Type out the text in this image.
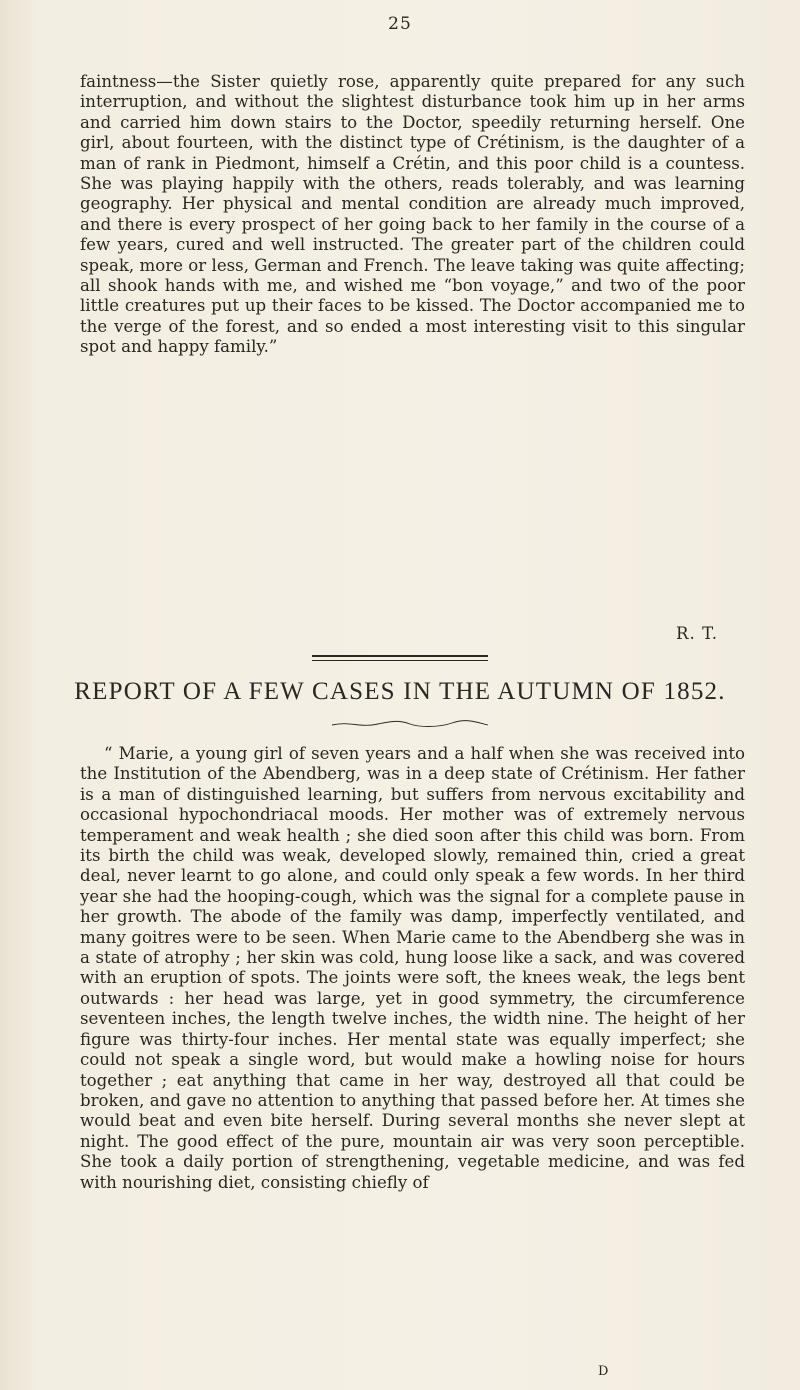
25
faintness—the Sister quietly rose, apparently quite prepared for any such interruption, and without the slightest disturbance took him up in her arms and carried him down stairs to the Doctor, speedily returning herself. One girl, about fourteen, with the distinct type of Crétinism, is the daughter of a man of rank in Piedmont, himself a Crétin, and this poor child is a countess. She was playing happily with the others, reads tolerably, and was learning geography. Her physical and mental condition are already much improved, and there is every prospect of her going back to her family in the course of a few years, cured and well instructed. The greater part of the children could speak, more or less, German and French. The leave taking was quite affecting; all shook hands with me, and wished me “bon voyage,” and two of the poor little creatures put up their faces to be kissed. The Doctor accompanied me to the verge of the forest, and so ended a most interesting visit to this singular spot and happy family.”
R. T.
REPORT OF A FEW CASES IN THE AUTUMN OF 1852.
“ Marie, a young girl of seven years and a half when she was received into the Institution of the Abendberg, was in a deep state of Crétinism. Her father is a man of distinguished learning, but suffers from nervous excitability and occasional hypochondriacal moods. Her mother was of extremely nervous temperament and weak health ; she died soon after this child was born. From its birth the child was weak, developed slowly, remained thin, cried a great deal, never learnt to go alone, and could only speak a few words. In her third year she had the hooping-cough, which was the signal for a complete pause in her growth. The abode of the family was damp, imperfectly ventilated, and many goitres were to be seen. When Marie came to the Abendberg she was in a state of atrophy ; her skin was cold, hung loose like a sack, and was covered with an eruption of spots. The joints were soft, the knees weak, the legs bent outwards : her head was large, yet in good symmetry, the circumference seventeen inches, the length twelve inches, the width nine. The height of her figure was thirty-four inches. Her mental state was equally imperfect; she could not speak a single word, but would make a howling noise for hours together ; eat anything that came in her way, destroyed all that could be broken, and gave no attention to anything that passed before her. At times she would beat and even bite herself. During several months she never slept at night. The good effect of the pure, mountain air was very soon perceptible. She took a daily portion of strengthening, vegetable medicine, and was fed with nourishing diet, consisting chiefly of
D
